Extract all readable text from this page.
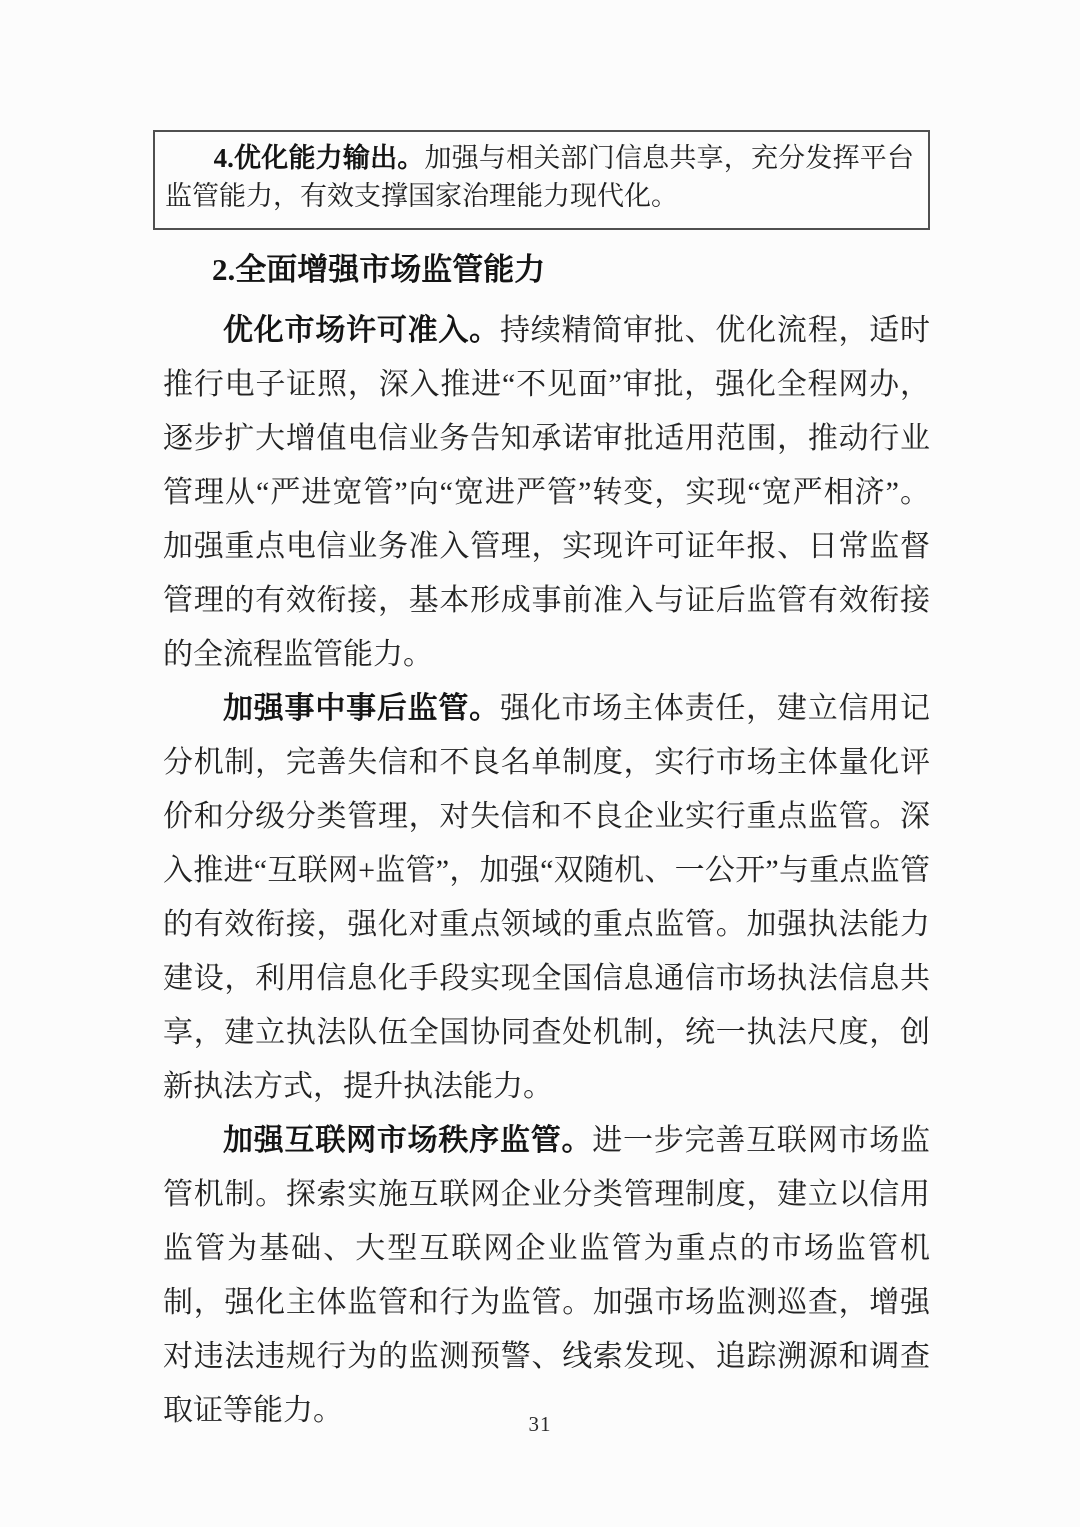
4.优化能力输出。加强与相关部门信息共享，充分发挥平台监管能力，有效支撑国家治理能力现代化。

2.全面增强市场监管能力

优化市场许可准入。持续精简审批、优化流程，适时推行电子证照，深入推进“不见面”审批，强化全程网办，逐步扩大增值电信业务告知承诺审批适用范围，推动行业管理从“严进宽管”向“宽进严管”转变，实现“宽严相济”。加强重点电信业务准入管理，实现许可证年报、日常监督管理的有效衔接，基本形成事前准入与证后监管有效衔接的全流程监管能力。

加强事中事后监管。强化市场主体责任，建立信用记分机制，完善失信和不良名单制度，实行市场主体量化评价和分级分类管理，对失信和不良企业实行重点监管。深入推进“互联网+监管”，加强“双随机、一公开”与重点监管的有效衔接，强化对重点领域的重点监管。加强执法能力建设，利用信息化手段实现全国信息通信市场执法信息共享，建立执法队伍全国协同查处机制，统一执法尺度，创新执法方式，提升执法能力。

加强互联网市场秩序监管。进一步完善互联网市场监管机制。探索实施互联网企业分类管理制度，建立以信用监管为基础、大型互联网企业监管为重点的市场监管机制，强化主体监管和行为监管。加强市场监测巡查，增强对违法违规行为的监测预警、线索发现、追踪溯源和调查取证等能力。	31
